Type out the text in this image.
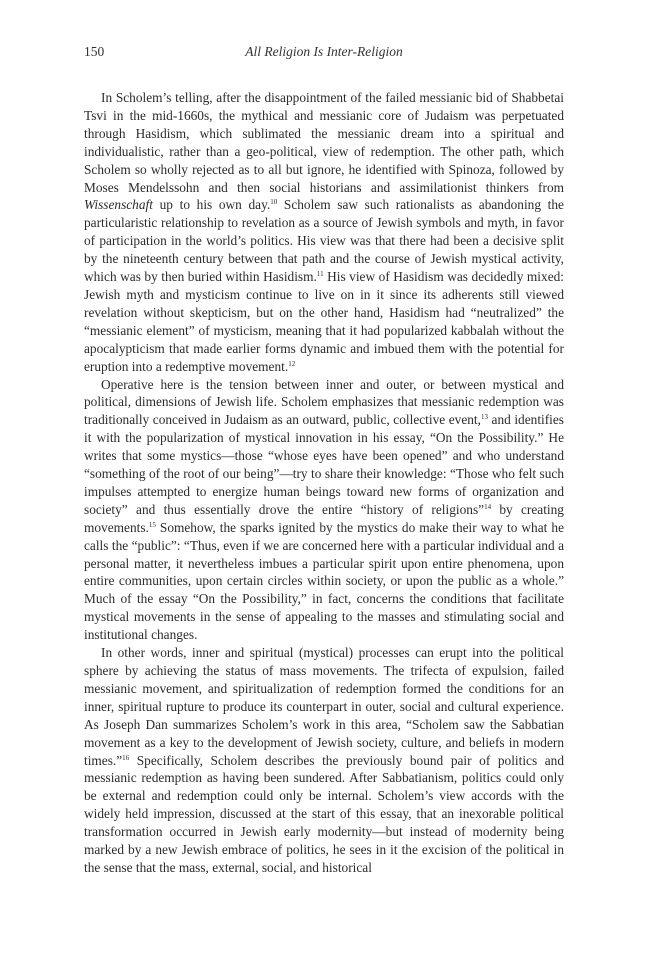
150	All Religion Is Inter-Religion

In Scholem’s telling, after the disappointment of the failed messianic bid of Shabbetai Tsvi in the mid-1660s, the mythical and messianic core of Judaism was perpetuated through Hasidism, which sublimated the messianic dream into a spiritual and individualistic, rather than a geo-political, view of redemption. The other path, which Scholem so wholly rejected as to all but ignore, he identified with Spinoza, followed by Moses Mendelssohn and then social historians and assimilationist thinkers from Wissenschaft up to his own day.$^{10}$ Scholem saw such rationalists as abandoning the particularistic relationship to revelation as a source of Jewish symbols and myth, in favor of participation in the world’s politics. His view was that there had been a decisive split by the nineteenth century between that path and the course of Jewish mystical activity, which was by then buried within Hasidism.$^{11}$ His view of Hasidism was decidedly mixed: Jewish myth and mysticism continue to live on in it since its adherents still viewed revelation without skepticism, but on the other hand, Hasidism had “neutralized” the “messianic element” of mysticism, meaning that it had popularized kabbalah without the apocalypticism that made earlier forms dynamic and imbued them with the potential for eruption into a redemptive movement.$^{12}$

Operative here is the tension between inner and outer, or between mystical and political, dimensions of Jewish life. Scholem emphasizes that messianic redemption was traditionally conceived in Judaism as an outward, public, collective event,$^{13}$ and identifies it with the popularization of mystical innovation in his essay, “On the Possibility.” He writes that some mystics—those “whose eyes have been opened” and who understand “something of the root of our being”—try to share their knowledge: “Those who felt such impulses attempted to energize human beings toward new forms of organization and society” and thus essentially drove the entire “history of religions”$^{14}$ by creating movements.$^{15}$ Somehow, the sparks ignited by the mystics do make their way to what he calls the “public”: “Thus, even if we are concerned here with a particular individual and a personal matter, it nevertheless imbues a particular spirit upon entire phenomena, upon entire communities, upon certain circles within society, or upon the public as a whole.” Much of the essay “On the Possibility,” in fact, concerns the conditions that facilitate mystical movements in the sense of appealing to the masses and stimulating social and institutional changes.

In other words, inner and spiritual (mystical) processes can erupt into the political sphere by achieving the status of mass movements. The trifecta of expulsion, failed messianic movement, and spiritualization of redemption formed the conditions for an inner, spiritual rupture to produce its counterpart in outer, social and cultural experience. As Joseph Dan summarizes Scholem’s work in this area, “Scholem saw the Sabbatian movement as a key to the development of Jewish society, culture, and beliefs in modern times.”$^{16}$ Specifically, Scholem describes the previously bound pair of politics and messianic redemption as having been sundered. After Sabbatianism, politics could only be external and redemption could only be internal. Scholem’s view accords with the widely held impression, discussed at the start of this essay, that an inexorable political transformation occurred in Jewish early modernity—but instead of modernity being marked by a new Jewish embrace of politics, he sees in it the excision of the political in the sense that the mass, external, social, and historical
